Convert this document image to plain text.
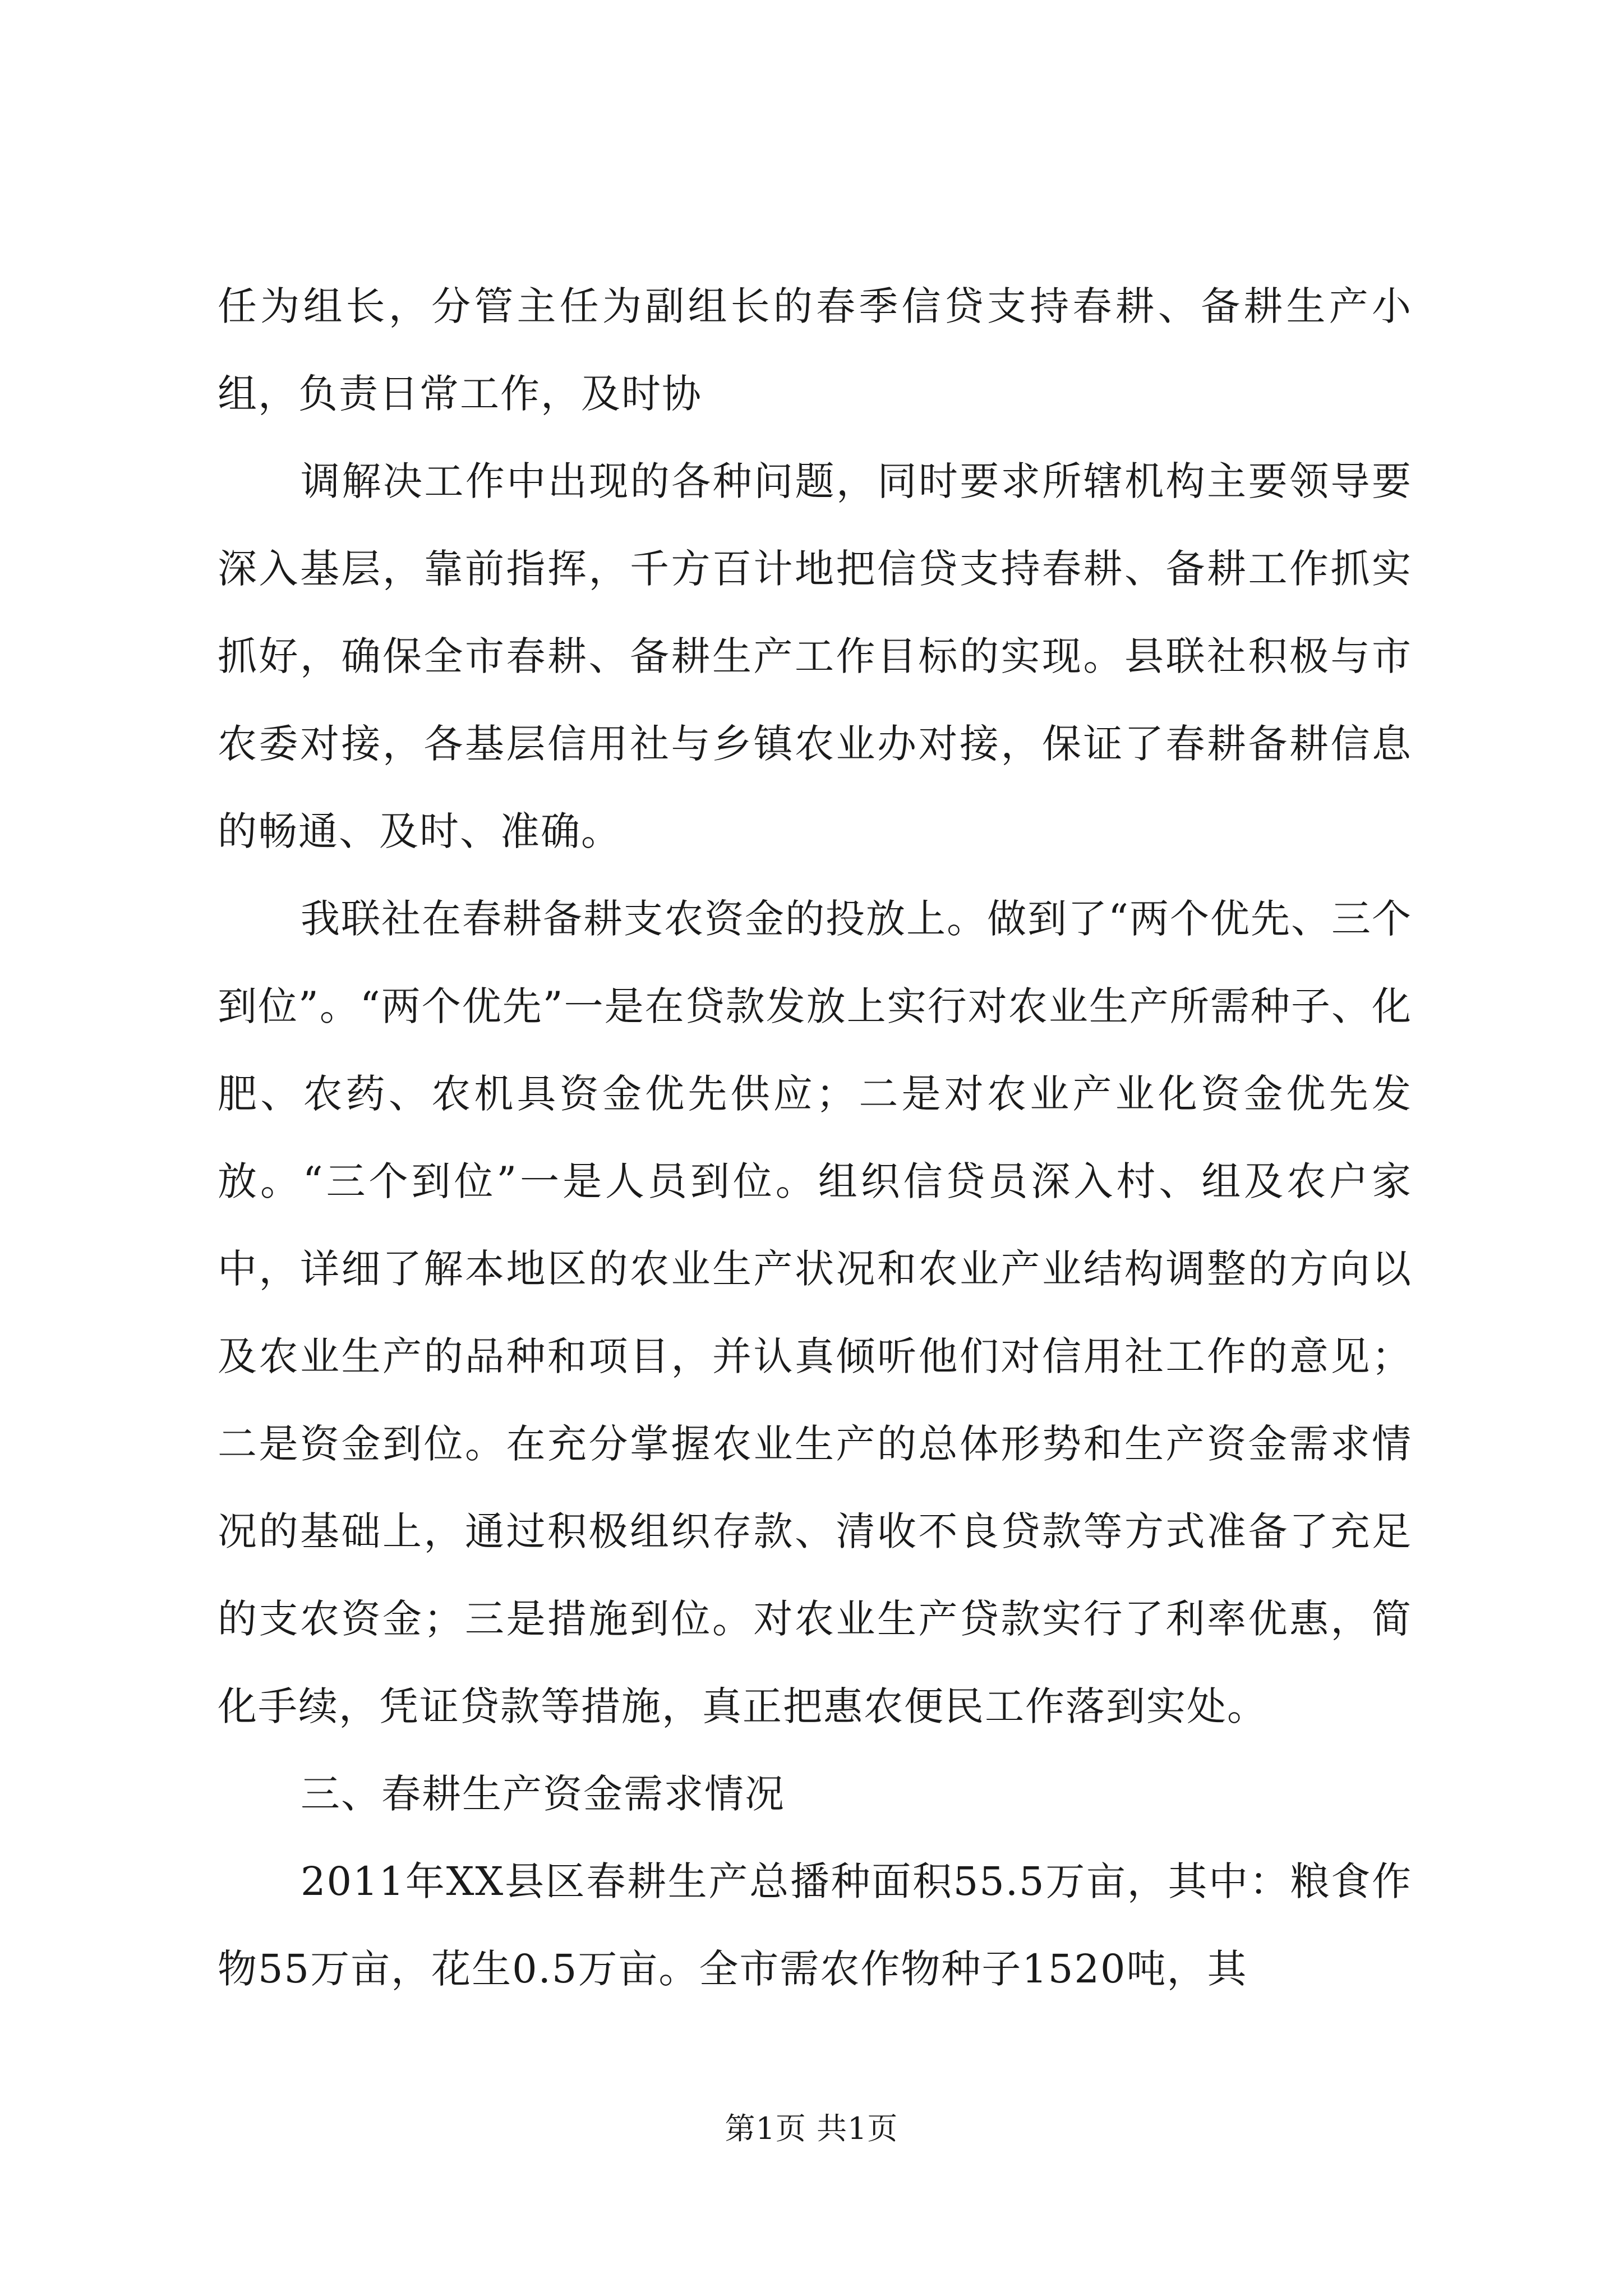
任为组长，分管主任为副组长的春季信贷支持春耕、备耕生产小组，负责日常工作，及时协

调解决工作中出现的各种问题，同时要求所辖机构主要领导要深入基层，靠前指挥，千方百计地把信贷支持春耕、备耕工作抓实抓好，确保全市春耕、备耕生产工作目标的实现。县联社积极与市农委对接，各基层信用社与乡镇农业办对接，保证了春耕备耕信息的畅通、及时、准确。

我联社在春耕备耕支农资金的投放上。做到了“两个优先、三个到位”。“两个优先”一是在贷款发放上实行对农业生产所需种子、化肥、农药、农机具资金优先供应；二是对农业产业化资金优先发放。“三个到位”一是人员到位。组织信贷员深入村、组及农户家中，详细了解本地区的农业生产状况和农业产业结构调整的方向以及农业生产的品种和项目，并认真倾听他们对信用社工作的意见；二是资金到位。在充分掌握农业生产的总体形势和生产资金需求情况的基础上，通过积极组织存款、清收不良贷款等方式准备了充足的支农资金；三是措施到位。对农业生产贷款实行了利率优惠，简化手续，凭证贷款等措施，真正把惠农便民工作落到实处。

三、春耕生产资金需求情况

2011年XX县区春耕生产总播种面积55.5万亩，其中：粮食作物55万亩，花生0.5万亩。全市需农作物种子1520吨，其

第1页 共1页
